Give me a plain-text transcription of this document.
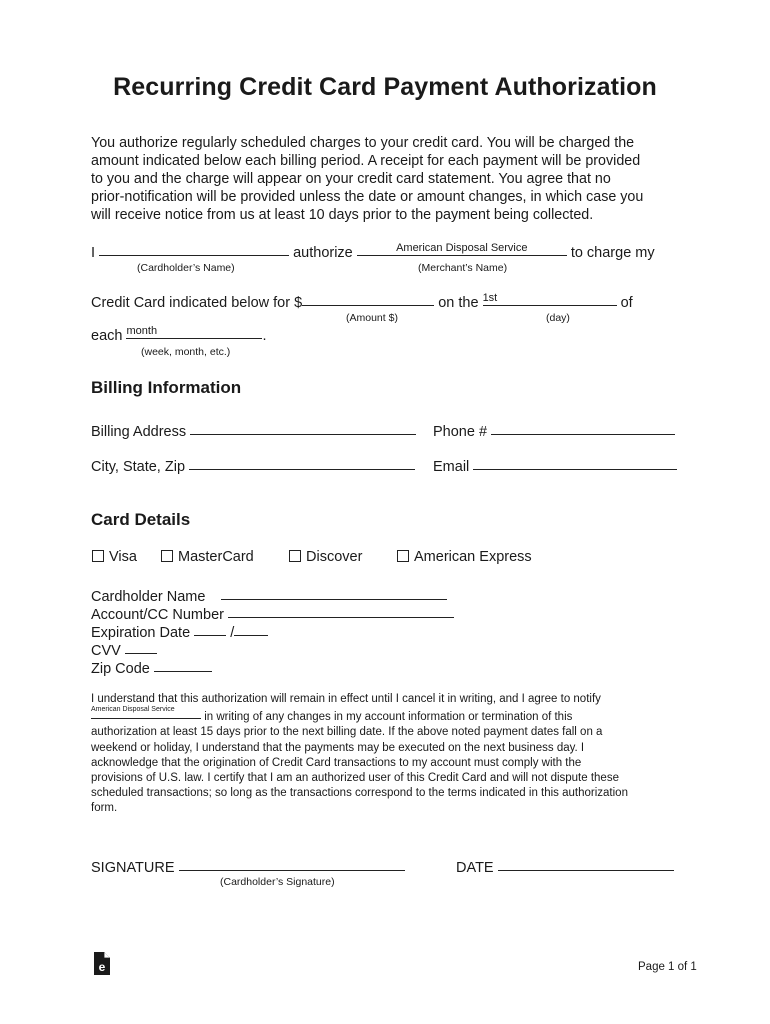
Recurring Credit Card Payment Authorization
You authorize regularly scheduled charges to your credit card. You will be charged the
amount indicated below each billing period. A receipt for each payment will be provided
to you and the charge will appear on your credit card statement. You agree that no
prior-notification will be provided unless the date or amount changes, in which case you
will receive notice from us at least 10 days prior to the payment being collected.
I	authorize	American Disposal Service	to charge my
(Cardholder’s Name)	(Merchant’s Name)
Credit Card indicated below for $	on the 1st	of
(Amount $)	(day)
each month	.
(week, month, etc.)
Billing Information
Billing Address	Phone #
City, State, Zip	Email
Card Details
Visa	MasterCard	Discover	American Express
Cardholder Name
Account/CC Number
Expiration Date	/
CVV
Zip Code
I understand that this authorization will remain in effect until I cancel it in writing, and I agree to notify
American Disposal Service
in writing of any changes in my account information or termination of this
authorization at least 15 days prior to the next billing date. If the above noted payment dates fall on a
weekend or holiday, I understand that the payments may be executed on the next business day. I
acknowledge that the origination of Credit Card transactions to my account must comply with the
provisions of U.S. law. I certify that I am an authorized user of this Credit Card and will not dispute these
scheduled transactions; so long as the transactions correspond to the terms indicated in this authorization
form.
SIGNATURE
(Cardholder’s Signature)
DATE
e	Page 1 of 1
